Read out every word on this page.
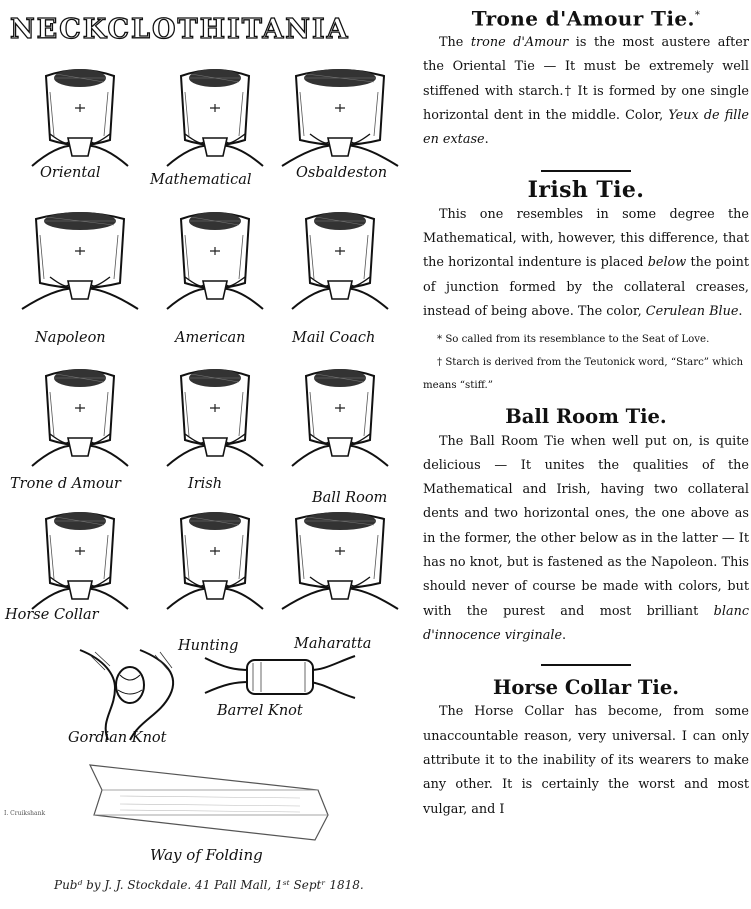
NECKCLOTHITANIA
Oriental	Mathematical	Osbaldeston
Napoleon	American	Mail Coach
Trone d Amour	Irish
Ball Room
Horse Collar
Hunting	Maharatta
Gordian Knot
Barrel Knot
I. Cruikshank
Way of Folding
Pubᵈ by J. J. Stockdale. 41 Pall Mall, 1ˢᵗ Septʳ 1818.
Trone d'Amour Tie.*

The trone d'Amour is the most austere after the Oriental Tie — It must be extremely well stiffened with starch.† It is formed by one single horizontal dent in the middle. Color, Yeux de fille en extase.

Irish Tie.

This one resembles in some degree the Mathematical, with, however, this difference, that the horizontal indenture is placed below the point of junction formed by the collateral creases, instead of being above. The color, Cerulean Blue.

* So called from its resemblance to the Seat of Love.

† Starch is derived from the Teutonick word, “Starc” which means “stiff.”

Ball Room Tie.

The Ball Room Tie when well put on, is quite delicious — It unites the qualities of the Mathematical and Irish, having two collateral dents and two horizontal ones, the one above as in the former, the other below as in the latter — It has no knot, but is fastened as the Napoleon. This should never of course be made with colors, but with the purest and most brilliant blanc d'innocence virginale.

Horse Collar Tie.

The Horse Collar has become, from some unaccountable reason, very universal. I can only attribute it to the inability of its wearers to make any other. It is certainly the worst and most vulgar, and I
